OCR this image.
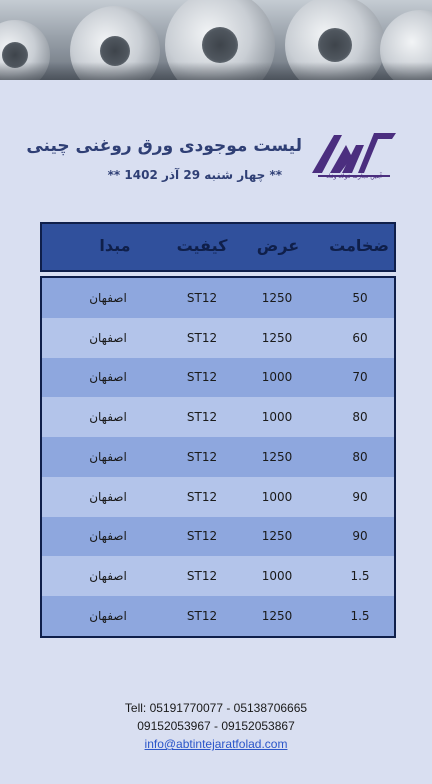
آبتین تجارت فولاد وفاد
لیست موجودی ورق روغنی چینی
** چهار شنبه 29 آذر 1402 **
ضخامت
عرض
کیفیت
مبدا
50
1250
ST12
اصفهان
60
1250
ST12
اصفهان
70
1000
ST12
اصفهان
80
1000
ST12
اصفهان
80
1250
ST12
اصفهان
90
1000
ST12
اصفهان
90
1250
ST12
اصفهان
1.5
1000
ST12
اصفهان
1.5
1250
ST12
اصفهان
Tell: 05191770077 - 05138706665
09152053967 - 09152053867
info@abtintejaratfolad.com
